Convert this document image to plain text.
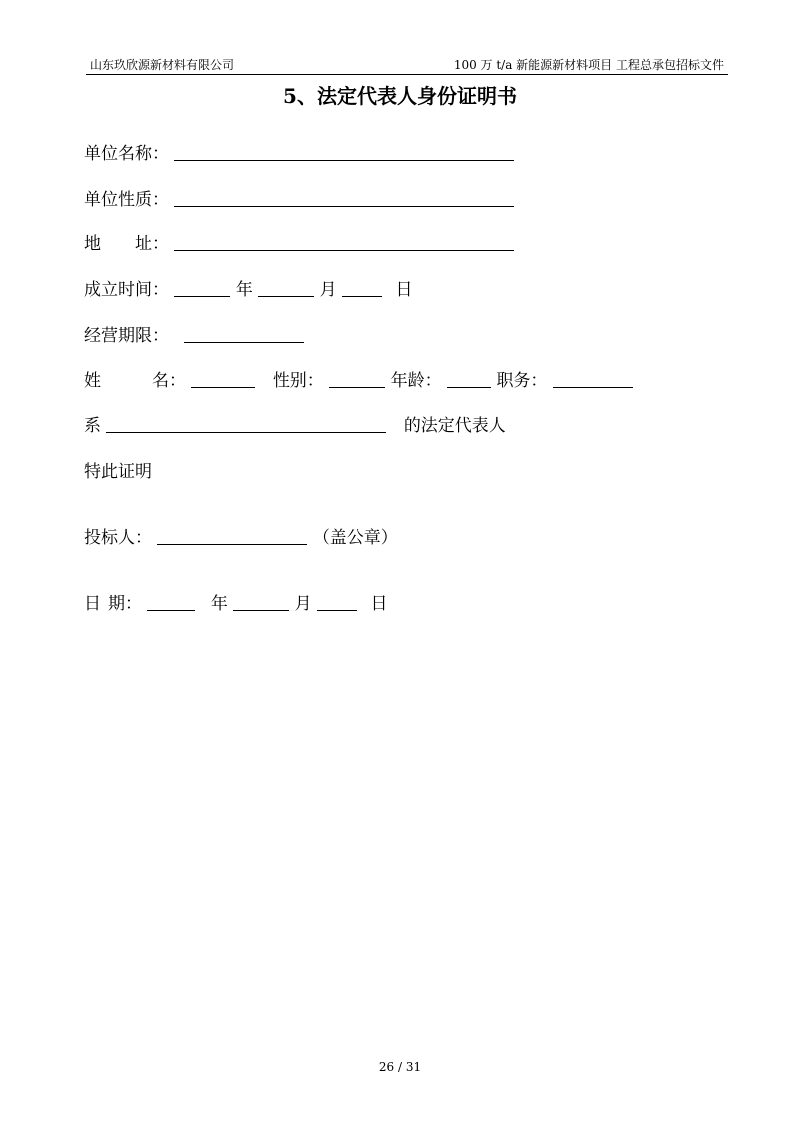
山东玖欣源新材料有限公司	100 万 t/a 新能源新材料项目 工程总承包招标文件
5、法定代表人身份证明书
单位名称：
单位性质：
地 址：
成立时间：	年	月	日
经营期限：
姓	名：	性别：	年龄：	职务：
系	的法定代表人
特此证明
投标人：	（盖公章）
日 期：	年	月	日
26 / 31
